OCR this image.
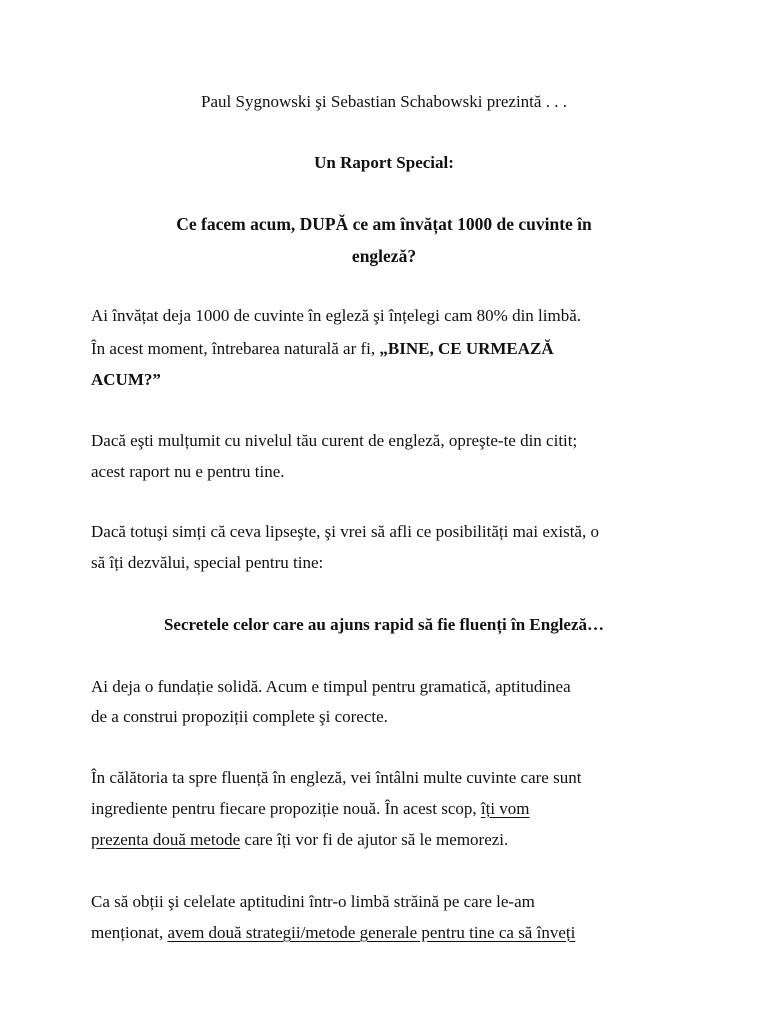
Paul Sygnowski şi Sebastian Schabowski prezintă . . .
Un Raport Special:
Ce facem acum, DUPĂ ce am învățat 1000 de cuvinte în
engleză?
Ai învățat deja 1000 de cuvinte în egleză şi înțelegi cam 80% din limbă.
În acest moment, întrebarea naturală ar fi, „BINE, CE URMEAZĂ
ACUM?”
Dacă eşti mulțumit cu nivelul tău curent de engleză, opreşte-te din citit;
acest raport nu e pentru tine.
Dacă totuşi simți că ceva lipseşte, şi vrei să afli ce posibilități mai există, o
să îți dezvălui, special pentru tine:
Secretele celor care au ajuns rapid să fie fluenți în Engleză…
Ai deja o fundație solidă. Acum e timpul pentru gramatică, aptitudinea
de a construi propoziții complete şi corecte.
În călătoria ta spre fluență în engleză, vei întâlni multe cuvinte care sunt
ingrediente pentru fiecare propoziție nouă. În acest scop, îți vom
prezenta două metode care îți vor fi de ajutor să le memorezi.
Ca să obții şi celelate aptitudini într-o limbă străină pe care le-am
menționat, avem două strategii/metode generale pentru tine ca să înveți
